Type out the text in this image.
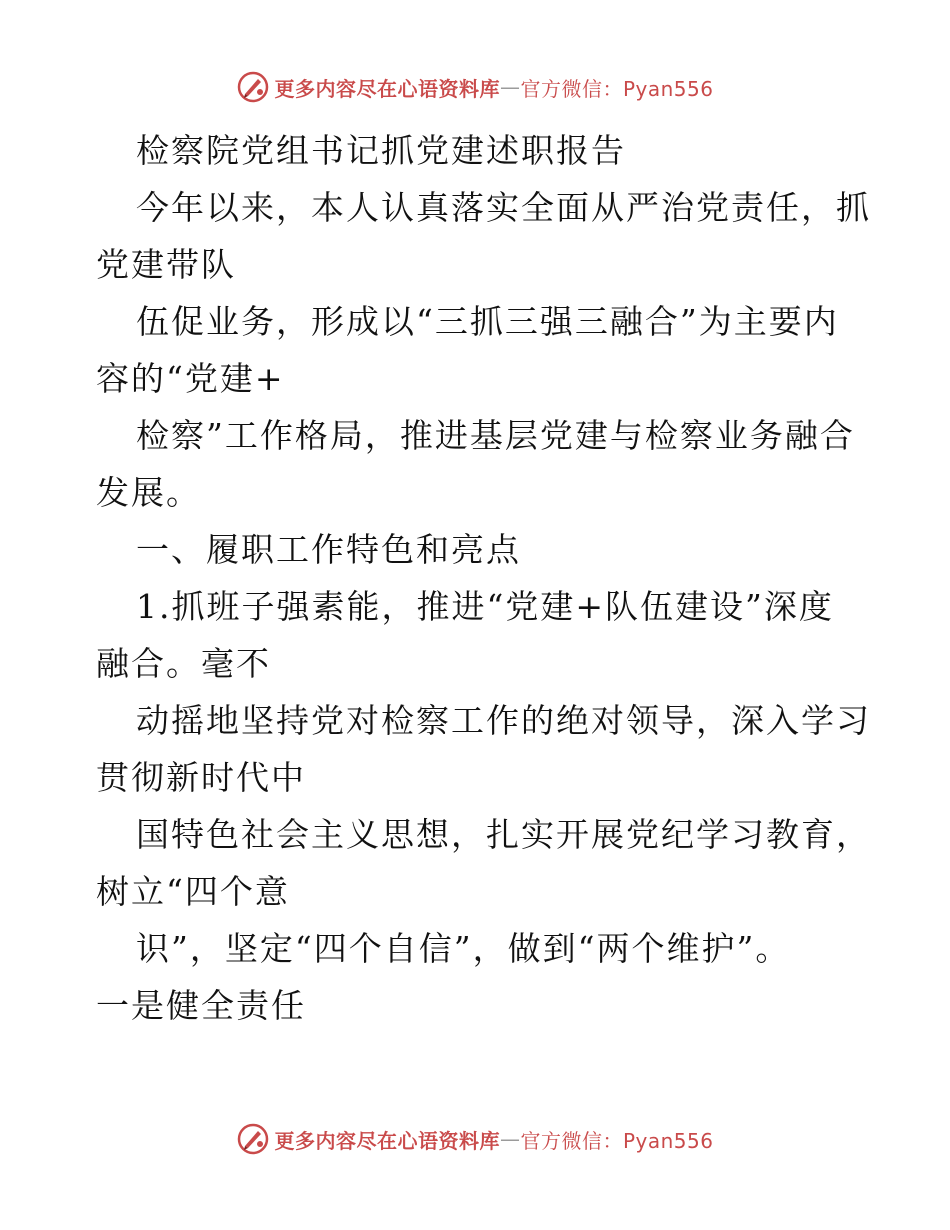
更多内容尽在心语资料库 — 官方微信：Pyan556
检察院党组书记抓党建述职报告
今年以来，本人认真落实全面从严治党责任，抓
党建带队
伍促业务，形成以“三抓三强三融合”为主要内
容的“党建+
检察”工作格局，推进基层党建与检察业务融合
发展。
一、履职工作特色和亮点
1.抓班子强素能，推进“党建+队伍建设”深度
融合。毫不
动摇地坚持党对检察工作的绝对领导，深入学习
贯彻新时代中
国特色社会主义思想，扎实开展党纪学习教育，
树立“四个意
识”，坚定“四个自信”，做到“两个维护”。
一是健全责任
更多内容尽在心语资料库 — 官方微信：Pyan556
